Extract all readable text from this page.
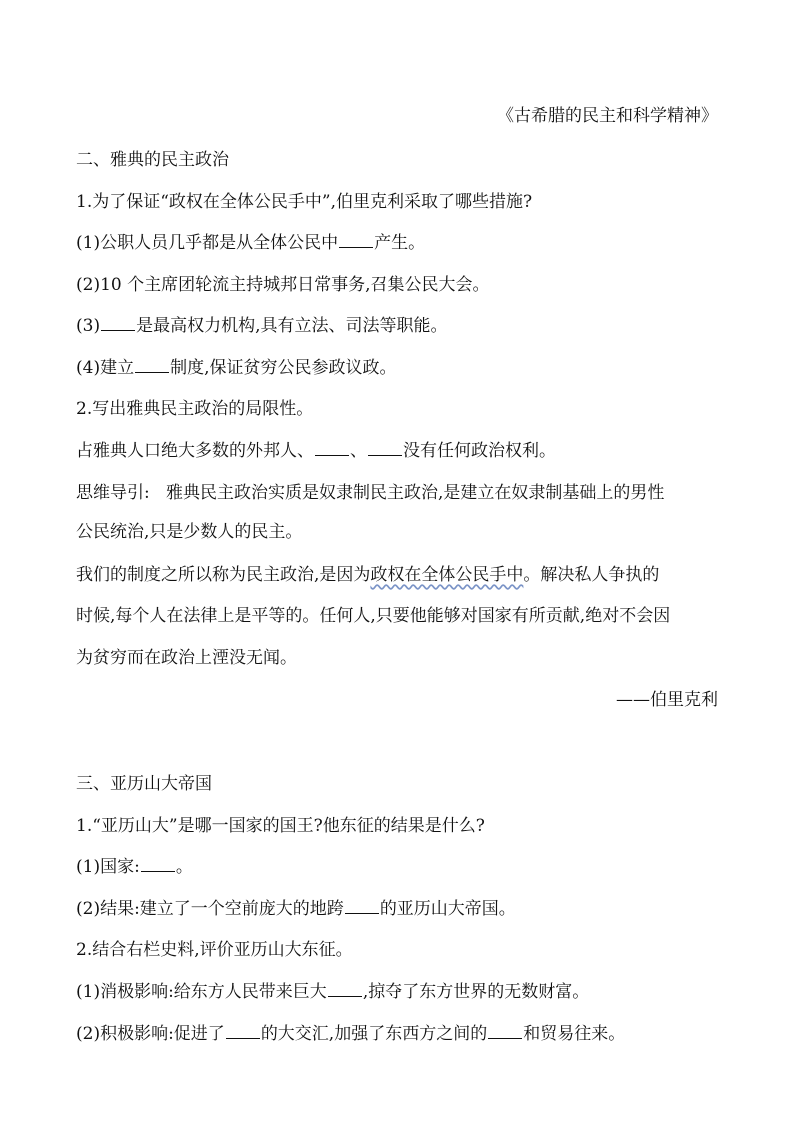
《古希腊的民主和科学精神》
二、雅典的民主政治
1.为了保证“政权在全体公民手中”,伯里克利采取了哪些措施?
(1)公职人员几乎都是从全体公民中 产生。
(2)10 个主席团轮流主持城邦日常事务,召集公民大会。
(3) 是最高权力机构,具有立法、司法等职能。
(4)建立 制度,保证贫穷公民参政议政。
2.写出雅典民主政治的局限性。
占雅典人口绝大多数的外邦人、 、 没有任何政治权利。
思维导引: 雅典民主政治实质是奴隶制民主政治,是建立在奴隶制基础上的男性
公民统治,只是少数人的民主。
我们的制度之所以称为民主政治,是因为政权在全体公民手中。解决私人争执的
时候,每个人在法律上是平等的。任何人,只要他能够对国家有所贡献,绝对不会因
为贫穷而在政治上湮没无闻。
——伯里克利
三、亚历山大帝国
1.“亚历山大”是哪一国家的国王?他东征的结果是什么?
(1)国家: 。
(2)结果:建立了一个空前庞大的地跨 的亚历山大帝国。
2.结合右栏史料,评价亚历山大东征。
(1)消极影响:给东方人民带来巨大 ,掠夺了东方世界的无数财富。
(2)积极影响:促进了 的大交汇,加强了东西方之间的 和贸易往来。
